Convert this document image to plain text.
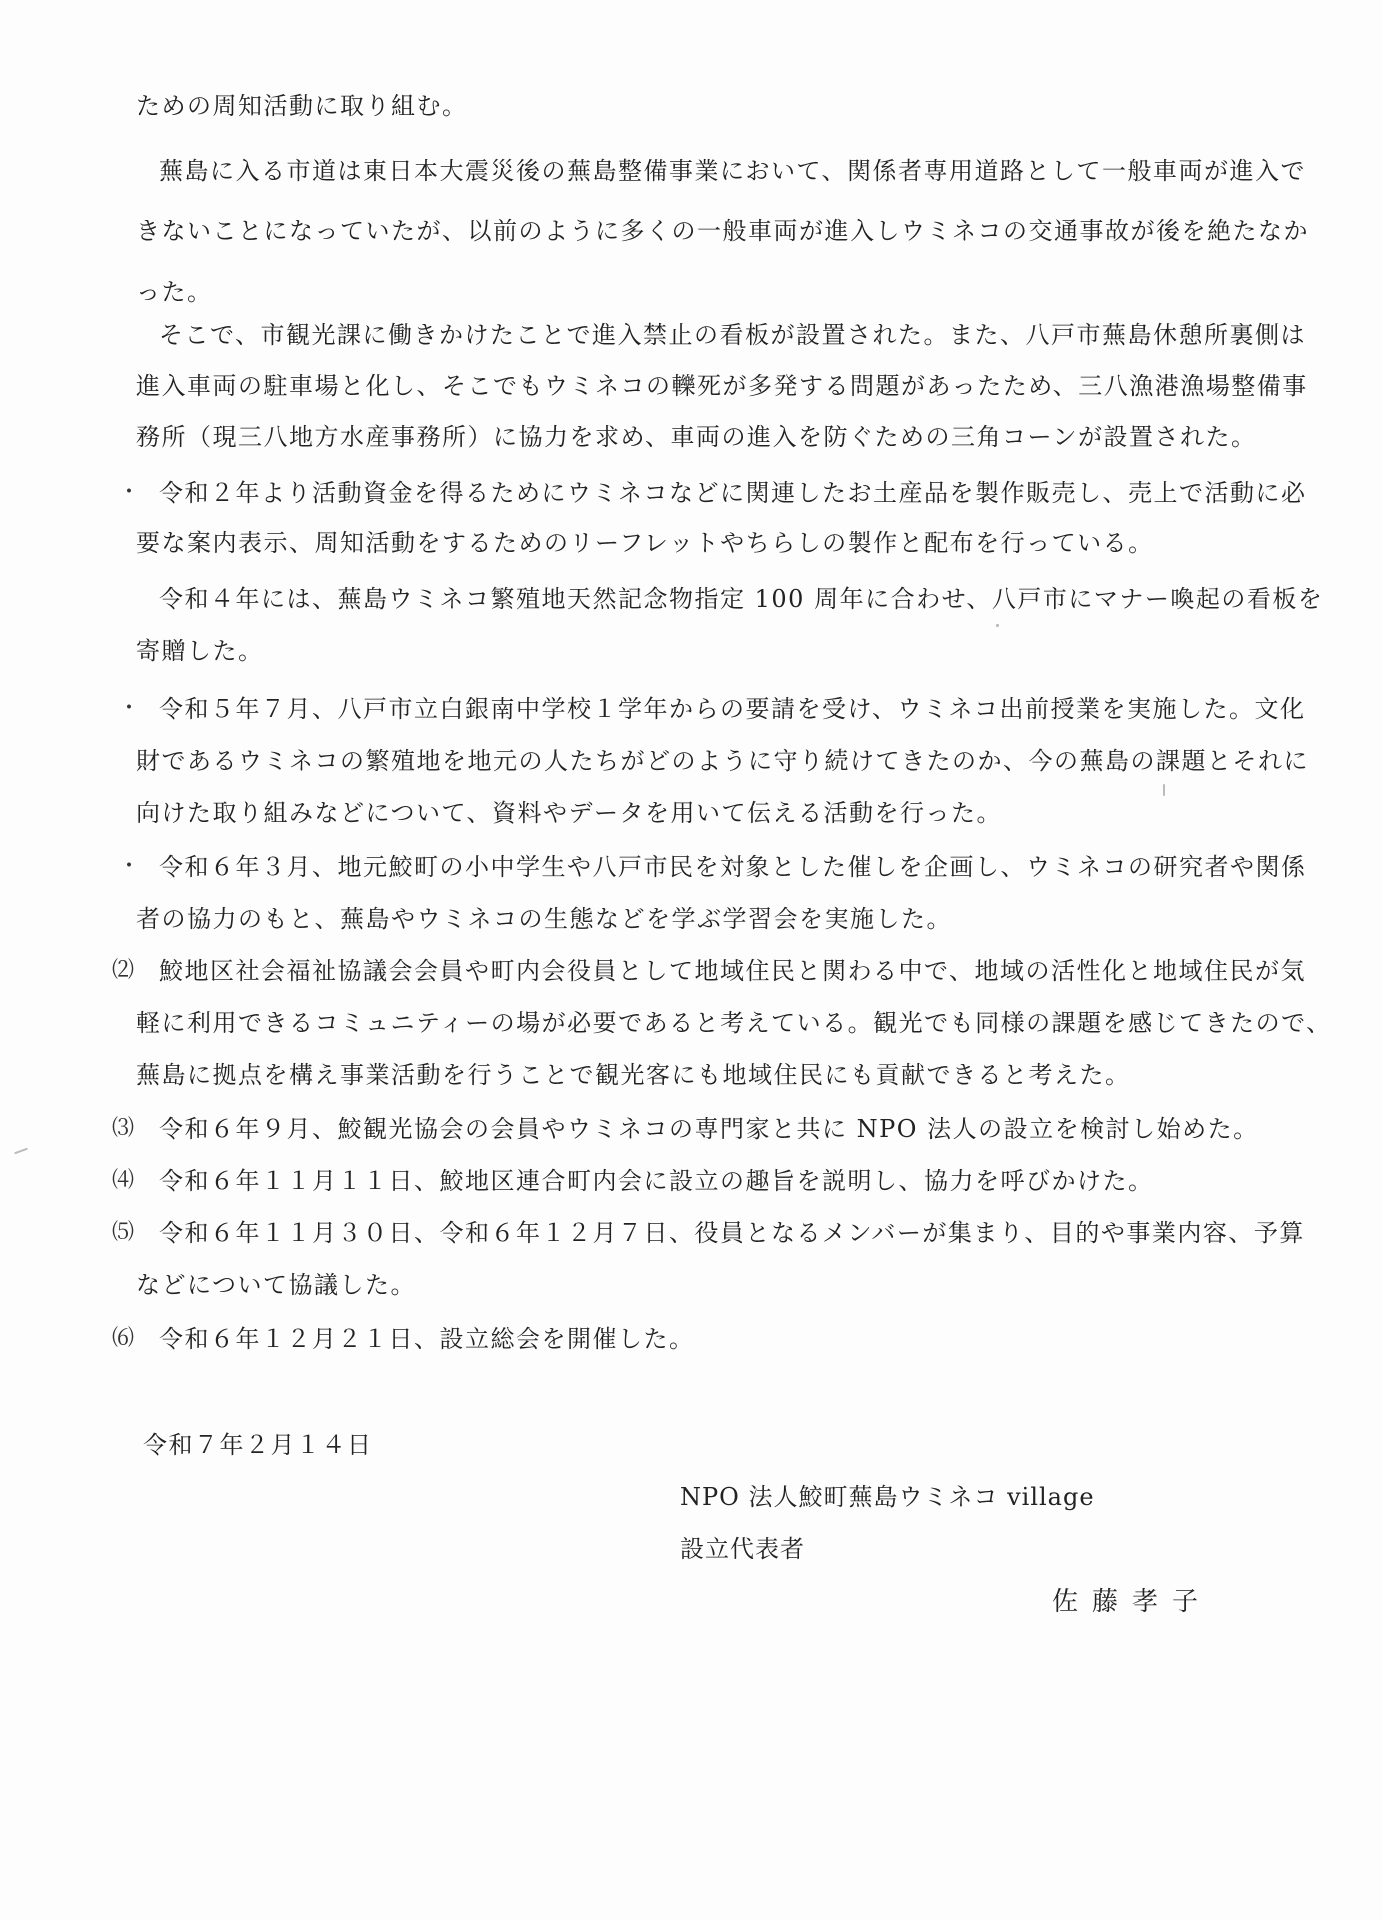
ための周知活動に取り組む。
蕪島に入る市道は東日本大震災後の蕪島整備事業において、関係者専用道路として一般車両が進入で
きないことになっていたが、以前のように多くの一般車両が進入しウミネコの交通事故が後を絶たなか
った。
そこで、市観光課に働きかけたことで進入禁止の看板が設置された。また、八戸市蕪島休憩所裏側は
進入車両の駐車場と化し、そこでもウミネコの轢死が多発する問題があったため、三八漁港漁場整備事
務所（現三八地方水産事務所）に協力を求め、車両の進入を防ぐための三角コーンが設置された。
・ 令和２年より活動資金を得るためにウミネコなどに関連したお土産品を製作販売し、売上で活動に必
要な案内表示、周知活動をするためのリーフレットやちらしの製作と配布を行っている。
令和４年には、蕪島ウミネコ繁殖地天然記念物指定 100 周年に合わせ、八戸市にマナー喚起の看板を
寄贈した。
・ 令和５年７月、八戸市立白銀南中学校１学年からの要請を受け、ウミネコ出前授業を実施した。文化
財であるウミネコの繁殖地を地元の人たちがどのように守り続けてきたのか、今の蕪島の課題とそれに
向けた取り組みなどについて、資料やデータを用いて伝える活動を行った。
・ 令和６年３月、地元鮫町の小中学生や八戸市民を対象とした催しを企画し、ウミネコの研究者や関係
者の協力のもと、蕪島やウミネコの生態などを学ぶ学習会を実施した。
⑵ 鮫地区社会福祉協議会会員や町内会役員として地域住民と関わる中で、地域の活性化と地域住民が気
軽に利用できるコミュニティーの場が必要であると考えている。観光でも同様の課題を感じてきたので、
蕪島に拠点を構え事業活動を行うことで観光客にも地域住民にも貢献できると考えた。
⑶ 令和６年９月、鮫観光協会の会員やウミネコの専門家と共に NPO 法人の設立を検討し始めた。
⑷ 令和６年１１月１１日、鮫地区連合町内会に設立の趣旨を説明し、協力を呼びかけた。
⑸ 令和６年１１月３０日、令和６年１２月７日、役員となるメンバーが集まり、目的や事業内容、予算
などについて協議した。
⑹ 令和６年１２月２１日、設立総会を開催した。
令和７年２月１４日
NPO 法人鮫町蕪島ウミネコ village
設立代表者
佐藤孝子
